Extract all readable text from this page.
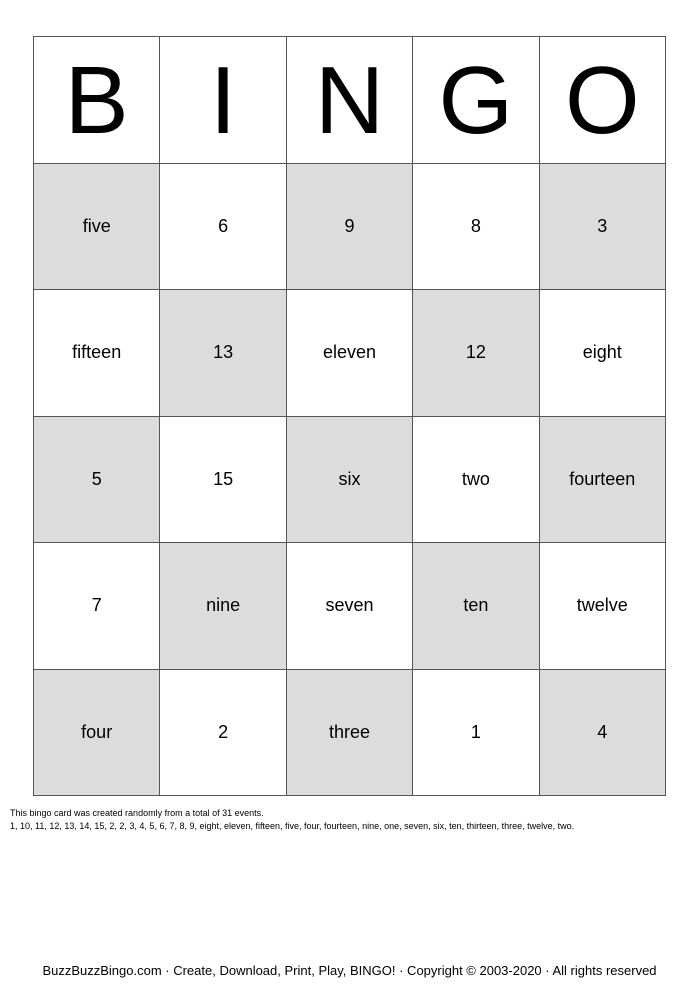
B I N G O
five	6	9	8	3
fifteen	13	eleven	12	eight
5	15	six	two	fourteen
7	nine	seven	ten	twelve
four	2	three	1	4
This bingo card was created randomly from a total of 31 events.
1, 10, 11, 12, 13, 14, 15, 2, 2, 3, 4, 5, 6, 7, 8, 9, eight, eleven, fifteen, five, four, fourteen, nine, one, seven, six, ten, thirteen, three, twelve, two.
BuzzBuzzBingo.com · Create, Download, Print, Play, BINGO! · Copyright © 2003-2020 · All rights reserved
